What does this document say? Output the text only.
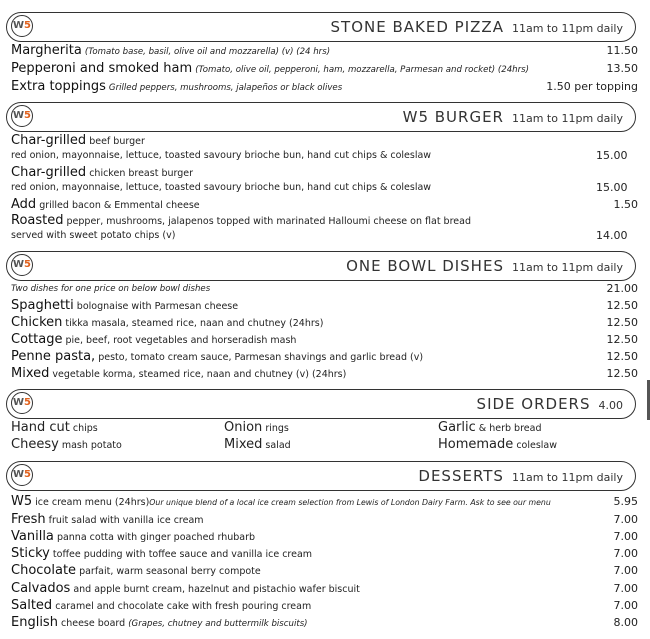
W5	STONE BAKED PIZZA 11am to 11pm daily
Margherita (Tomato base, basil, olive oil and mozzarella) (v) (24 hrs)	11.50
Pepperoni and smoked ham (Tomato, olive oil, pepperoni, ham, mozzarella, Parmesan and rocket) (24hrs)	13.50
Extra toppings Grilled peppers, mushrooms, jalapeños or black olives	1.50 per topping
W5	W5 BURGER 11am to 11pm daily
Char-grilled beef burger
red onion, mayonnaise, lettuce, toasted savoury brioche bun, hand cut chips & coleslaw	15.00
Char-grilled chicken breast burger
red onion, mayonnaise, lettuce, toasted savoury brioche bun, hand cut chips & coleslaw	15.00
Add grilled bacon & Emmental cheese	1.50
Roasted pepper, mushrooms, jalapenos topped with marinated Halloumi cheese on flat bread
served with sweet potato chips (v)	14.00
W5	ONE BOWL DISHES 11am to 11pm daily
Two dishes for one price on below bowl dishes	21.00
Spaghetti bolognaise with Parmesan cheese	12.50
Chicken tikka masala, steamed rice, naan and chutney (24hrs)	12.50
Cottage pie, beef, root vegetables and horseradish mash	12.50
Penne pasta, pesto, tomato cream sauce, Parmesan shavings and garlic bread (v)	12.50
Mixed vegetable korma, steamed rice, naan and chutney (v) (24hrs)	12.50
W5	SIDE ORDERS 4.00
Hand cut chips	Onion rings	Garlic & herb bread
Cheesy mash potato	Mixed salad	Homemade coleslaw
W5	DESSERTS 11am to 11pm daily
W5 ice cream menu (24hrs)Our unique blend of a local ice cream selection from Lewis of London Dairy Farm. Ask to see our menu	5.95
Fresh fruit salad with vanilla ice cream	7.00
Vanilla panna cotta with ginger poached rhubarb	7.00
Sticky toffee pudding with toffee sauce and vanilla ice cream	7.00
Chocolate parfait, warm seasonal berry compote	7.00
Calvados and apple burnt cream, hazelnut and pistachio wafer biscuit	7.00
Salted caramel and chocolate cake with fresh pouring cream	7.00
English cheese board (Grapes, chutney and buttermilk biscuits)	8.00
